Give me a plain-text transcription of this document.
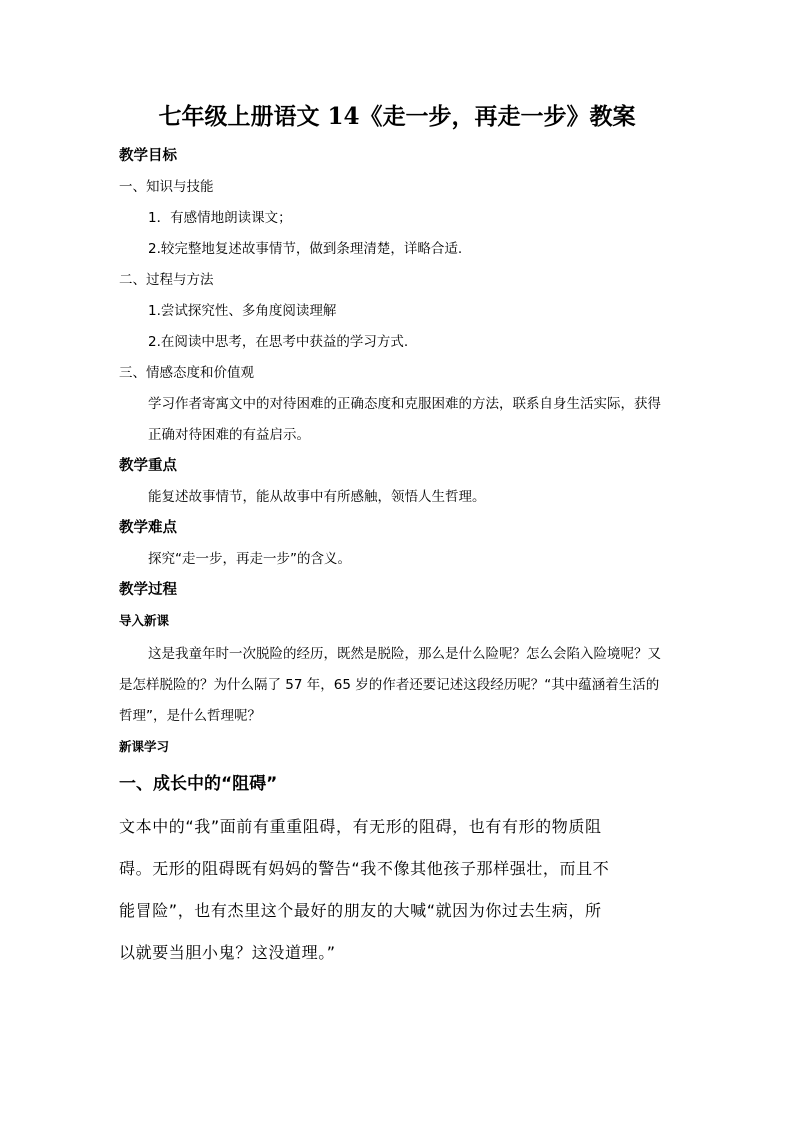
七年级上册语文 14《走一步，再走一步》教案
教学目标
一、知识与技能
1．有感情地朗读课文；
2.较完整地复述故事情节，做到条理清楚，详略合适.
二、过程与方法
1.尝试探究性、多角度阅读理解
2.在阅读中思考，在思考中获益的学习方式.
三、情感态度和价值观
学习作者寄寓文中的对待困难的正确态度和克服困难的方法，联系自身生活实际，获得
正确对待困难的有益启示。
教学重点
能复述故事情节，能从故事中有所感触，领悟人生哲理。
教学难点
探究“走一步，再走一步”的含义。
教学过程
导入新课
这是我童年时一次脱险的经历，既然是脱险，那么是什么险呢？怎么会陷入险境呢？又
是怎样脱险的？为什么隔了 57 年，65 岁的作者还要记述这段经历呢？“其中蕴涵着生活的
哲理”，是什么哲理呢？
新课学习
一、成长中的“阻碍”
文本中的“我”面前有重重阻碍，有无形的阻碍，也有有形的物质阻
碍。无形的阻碍既有妈妈的警告“我不像其他孩子那样强壮，而且不
能冒险”，也有杰里这个最好的朋友的大喊“就因为你过去生病，所
以就要当胆小鬼？这没道理。”
